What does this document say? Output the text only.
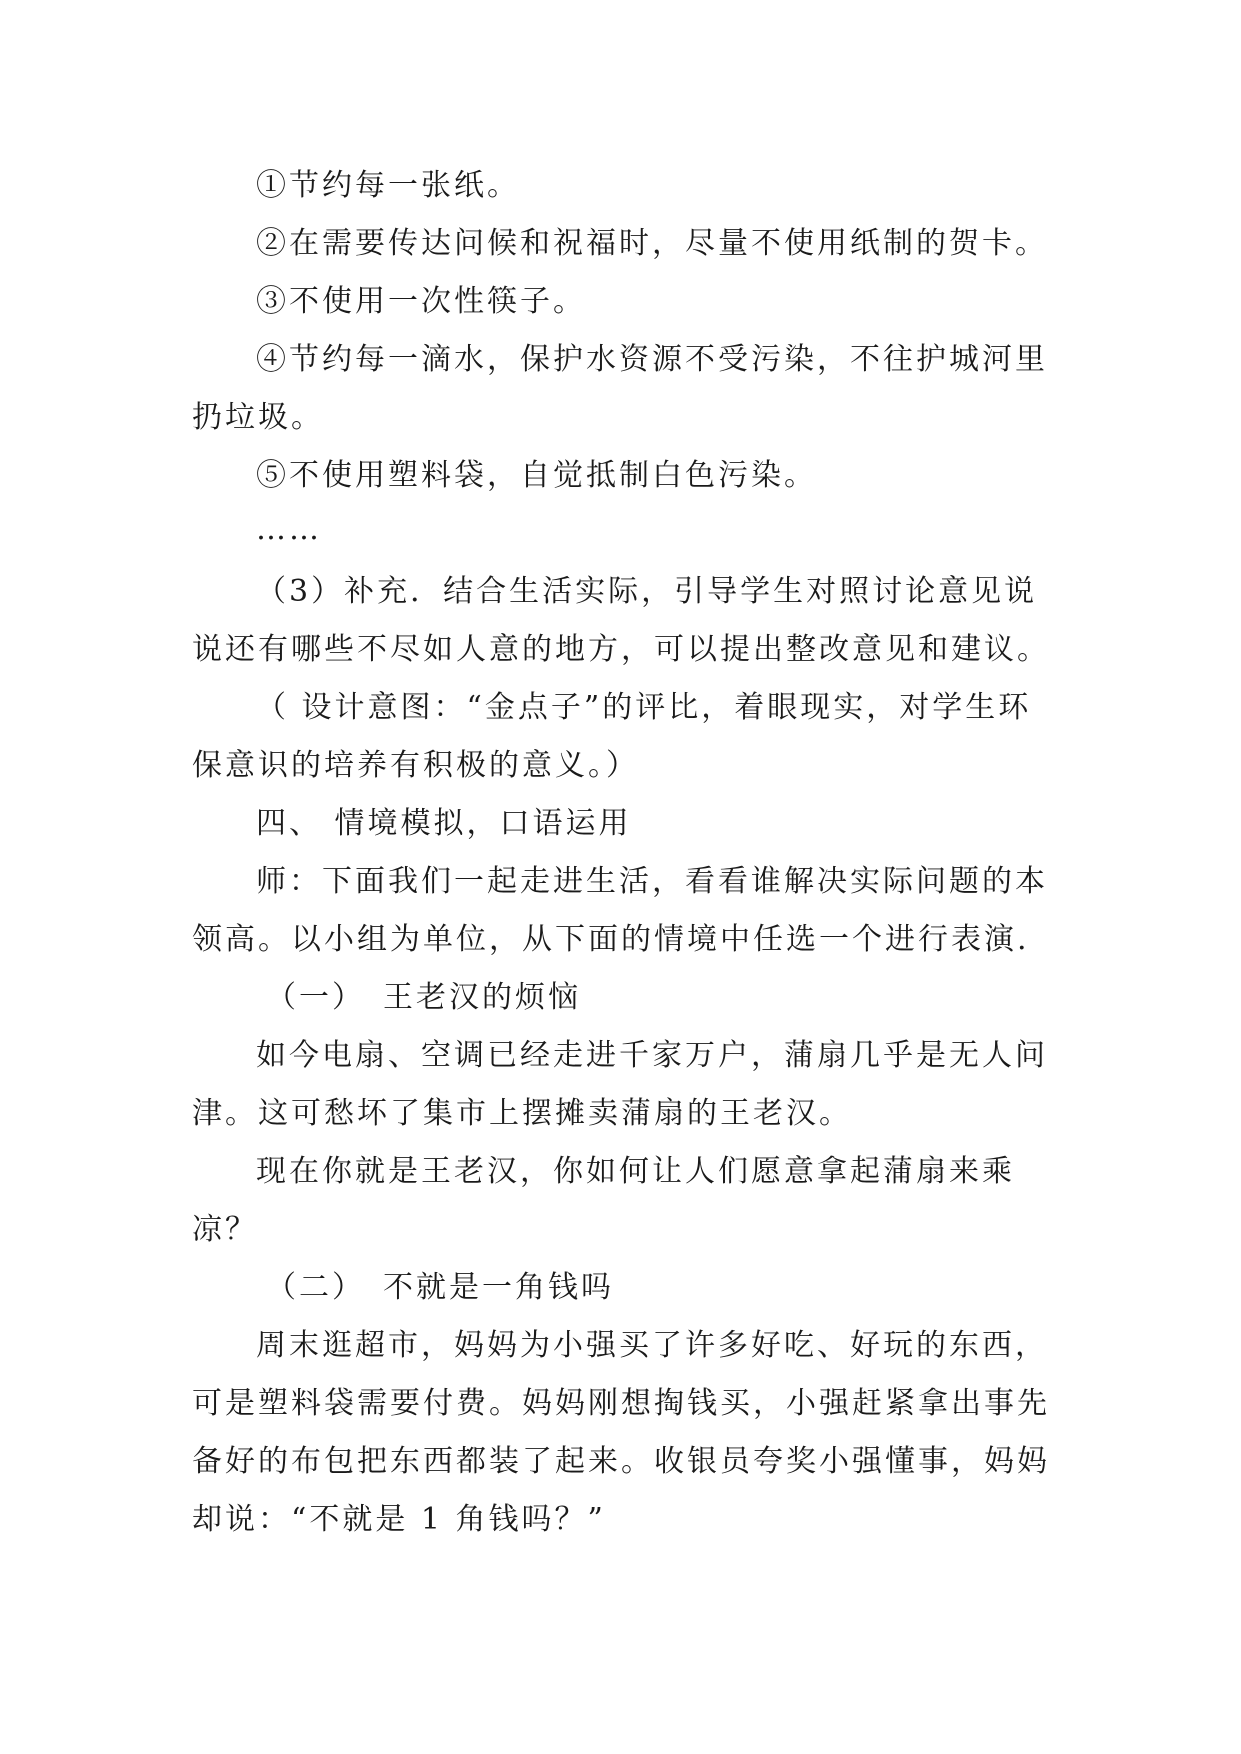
①节约每一张纸。
②在需要传达问候和祝福时，尽量不使用纸制的贺卡。
③不使用一次性筷子。
④节约每一滴水，保护水资源不受污染，不往护城河里
扔垃圾。
⑤不使用塑料袋，自觉抵制白色污染。
……
（3）补充．结合生活实际，引导学生对照讨论意见说
说还有哪些不尽如人意的地方，可以提出整改意见和建议。
（ 设计意图：“金点子”的评比，着眼现实，对学生环
保意识的培养有积极的意义。）
四、 情境模拟，口语运用
师：下面我们一起走进生活，看看谁解决实际问题的本
领高。以小组为单位，从下面的情境中任选一个进行表演.
（一）　王老汉的烦恼
如今电扇、空调已经走进千家万户，蒲扇几乎是无人问
津。这可愁坏了集市上摆摊卖蒲扇的王老汉。
现在你就是王老汉，你如何让人们愿意拿起蒲扇来乘
凉？
（二）　不就是一角钱吗
周末逛超市，妈妈为小强买了许多好吃、好玩的东西，
可是塑料袋需要付费。妈妈刚想掏钱买，小强赶紧拿出事先
备好的布包把东西都装了起来。收银员夸奖小强懂事，妈妈
却说：“不就是 1 角钱吗？”
